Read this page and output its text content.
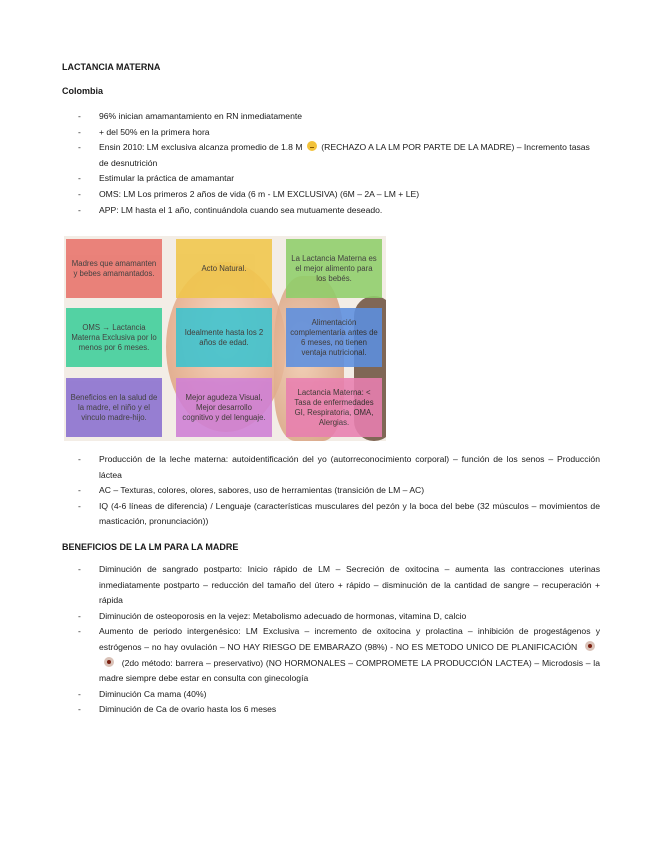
LACTANCIA MATERNA
Colombia
- 96% inician amamantamiento en RN inmediatamente
- + del 50% en la primera hora
- Ensin 2010: LM exclusiva alcanza promedio de 1.8 M (RECHAZO A LA LM POR PARTE DE LA MADRE) – Incremento tasas de desnutrición
- Estimular la práctica de amamantar
- OMS: LM Los primeros 2 años de vida (6 m - LM EXCLUSIVA) (6M – 2A – LM + LE)
- APP: LM hasta el 1 año, continuándola cuando sea mutuamente deseado.
Madres que amamanten y bebes amamantados.
Acto Natural.
La Lactancia Materna es el mejor alimento para los bebés.
OMS → Lactancia Materna Exclusiva por lo menos por 6 meses.
Idealmente hasta los 2 años de edad.
Alimentación complementaria antes de 6 meses, no tienen ventaja nutricional.
Beneficios en la salud de la madre, el niño y el vinculo madre-hijo.
Mejor agudeza Visual, Mejor desarrollo cognitivo y del lenguaje.
Lactancia Materna: < Tasa de enfermedades GI, Respiratoria, OMA, Alergias.
- Producción de la leche materna: autoidentificación del yo (autorreconocimiento corporal) – función de los senos – Producción láctea
- AC – Texturas, colores, olores, sabores, uso de herramientas (transición de LM – AC)
- IQ (4-6 líneas de diferencia) / Lenguaje (características musculares del pezón y la boca del bebe (32 músculos – movimientos de masticación, pronunciación))
BENEFICIOS DE LA LM PARA LA MADRE
- Diminución de sangrado postparto: Inicio rápido de LM – Secreción de oxitocina – aumenta las contracciones uterinas inmediatamente postparto – reducción del tamaño del útero + rápido – disminución de la cantidad de sangre – recuperación + rápida
- Diminución de osteoporosis en la vejez: Metabolismo adecuado de hormonas, vitamina D, calcio
- Aumento de periodo intergenésico: LM Exclusiva – incremento de oxitocina y prolactina – inhibición de progestágenos y estrógenos – no hay ovulación – NO HAY RIESGO DE EMBARAZO (98%) - NO ES METODO UNICO DE PLANIFICACIÓN  (2do método: barrera – preservativo) (NO HORMONALES – COMPROMETE LA PRODUCCIÓN LACTEA) – Microdosis – la madre siempre debe estar en consulta con ginecología
- Diminución Ca mama (40%)
- Diminución de Ca de ovario hasta los 6 meses
